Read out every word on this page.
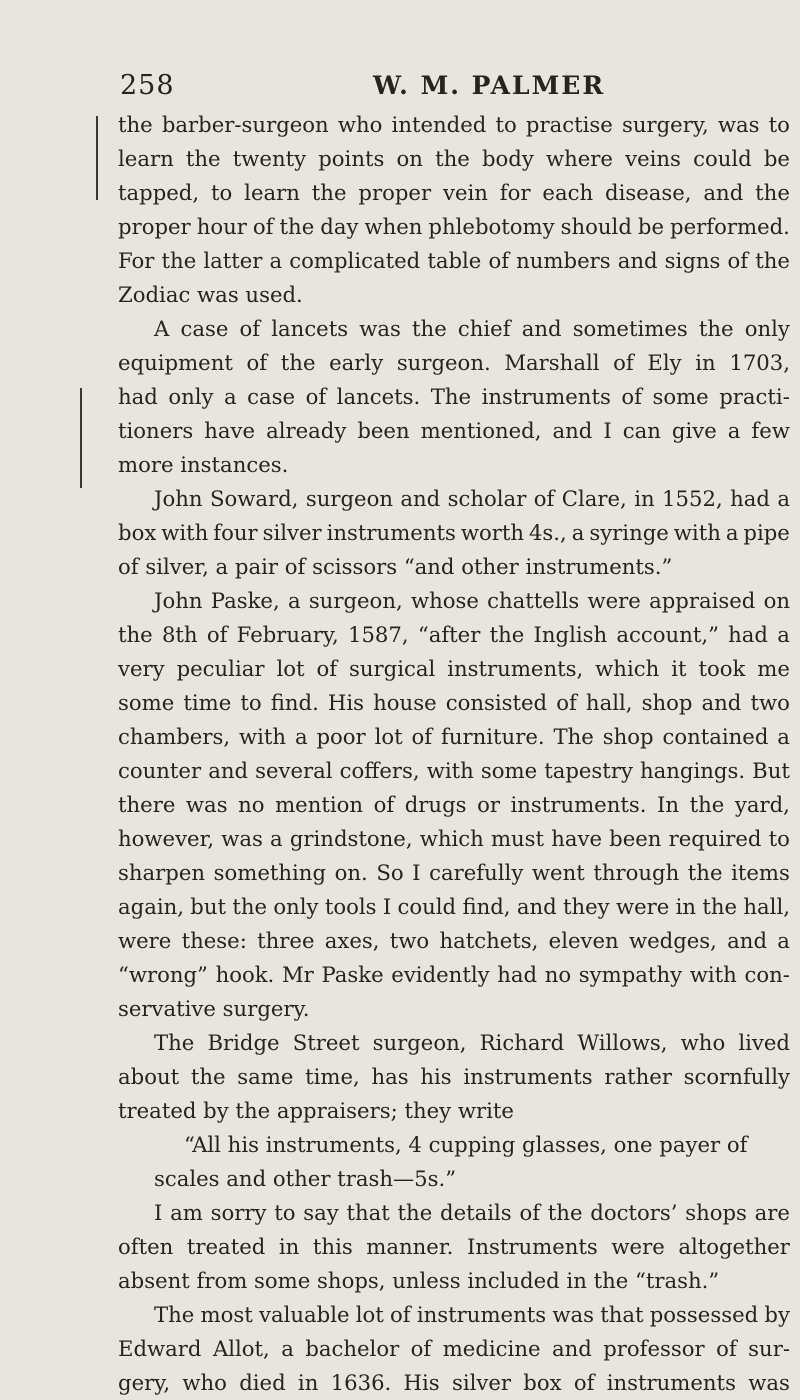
258	W. M. PALMER
the barber-surgeon who intended to practise surgery, was to
learn the twenty points on the body where veins could be
tapped, to learn the proper vein for each disease, and the
proper hour of the day when phlebotomy should be performed.
For the latter a complicated table of numbers and signs of the
Zodiac was used.
A case of lancets was the chief and sometimes the only
equipment of the early surgeon. Marshall of Ely in 1703,
had only a case of lancets. The instruments of some practi-
tioners have already been mentioned, and I can give a few
more instances.
John Soward, surgeon and scholar of Clare, in 1552, had a
box with four silver instruments worth 4s., a syringe with a pipe
of silver, a pair of scissors “and other instruments.”
John Paske, a surgeon, whose chattells were appraised on
the 8th of February, 1587, “after the Inglish account,” had a
very peculiar lot of surgical instruments, which it took me
some time to find. His house consisted of hall, shop and two
chambers, with a poor lot of furniture. The shop contained a
counter and several coffers, with some tapestry hangings. But
there was no mention of drugs or instruments. In the yard,
however, was a grindstone, which must have been required to
sharpen something on. So I carefully went through the items
again, but the only tools I could find, and they were in the hall,
were these: three axes, two hatchets, eleven wedges, and a
“wrong” hook. Mr Paske evidently had no sympathy with con-
servative surgery.
The Bridge Street surgeon, Richard Willows, who lived
about the same time, has his instruments rather scornfully
treated by the appraisers; they write
“All his instruments, 4 cupping glasses, one payer of
scales and other trash—5s.”
I am sorry to say that the details of the doctors’ shops are
often treated in this manner. Instruments were altogether
absent from some shops, unless included in the “trash.”
The most valuable lot of instruments was that possessed by
Edward Allot, a bachelor of medicine and professor of sur-
gery, who died in 1636. His silver box of instruments was
